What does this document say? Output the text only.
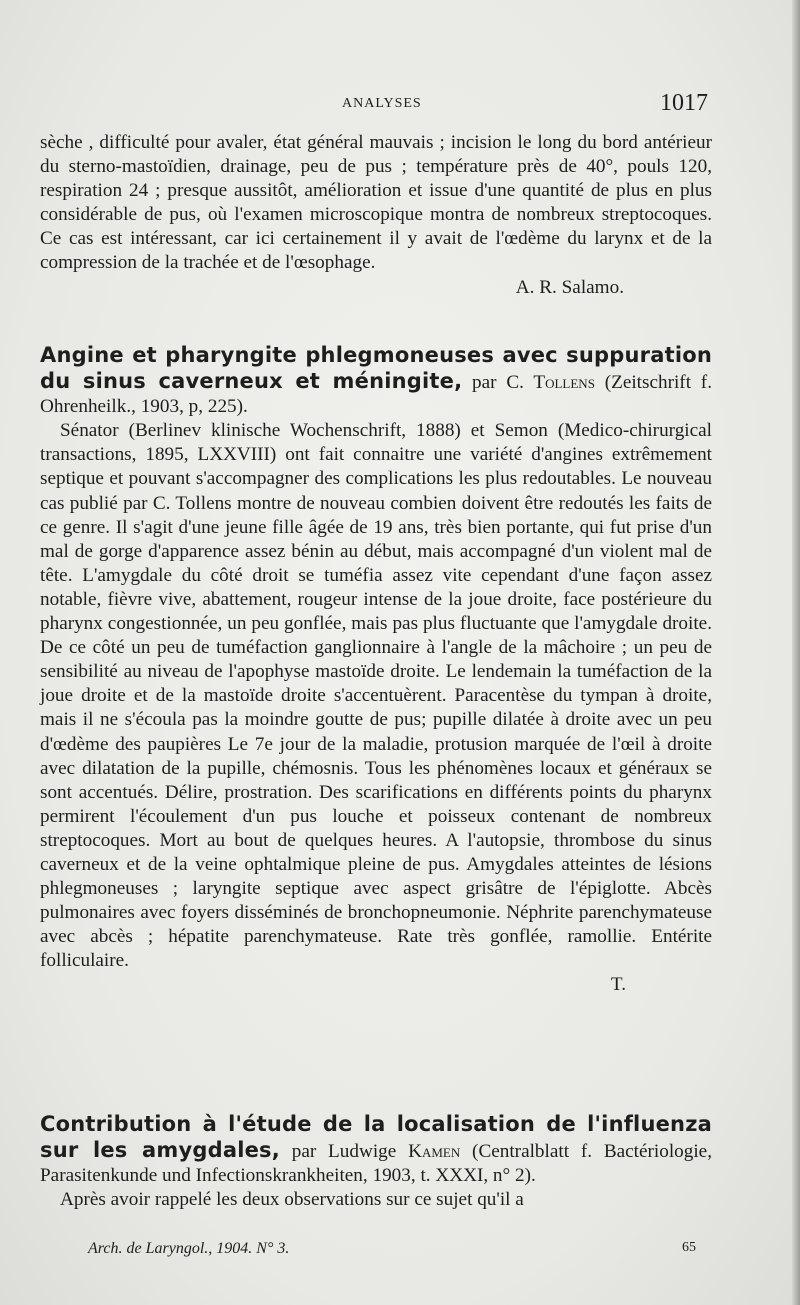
ANALYSES	1017

sèche , difficulté pour avaler, état général mauvais ; incision le long du bord antérieur du sterno-mastoïdien, drainage, peu de pus ; température près de 40°, pouls 120, respiration 24 ; presque aussitôt, amélioration et issue d'une quantité de plus en plus considérable de pus, où l'examen microscopique montra de nombreux streptocoques. Ce cas est intéressant, car ici certainement il y avait de l'œdème du larynx et de la compression de la trachée et de l'œsophage.

A. R. Salamo.

Angine et pharyngite phlegmoneuses avec suppuration du sinus caverneux et méningite, par C. Tollens (Zeitschrift f. Ohrenheilk., 1903, p, 225).

Sénator (Berlinev klinische Wochenschrift, 1888) et Semon (Medico-chirurgical transactions, 1895, LXXVIII) ont fait connaitre une variété d'angines extrêmement septique et pouvant s'accompagner des complications les plus redoutables. Le nouveau cas publié par C. Tollens montre de nouveau combien doivent être redoutés les faits de ce genre. Il s'agit d'une jeune fille âgée de 19 ans, très bien portante, qui fut prise d'un mal de gorge d'apparence assez bénin au début, mais accompagné d'un violent mal de tête. L'amygdale du côté droit se tuméfia assez vite cependant d'une façon assez notable, fièvre vive, abattement, rougeur intense de la joue droite, face postérieure du pharynx congestionnée, un peu gonflée, mais pas plus fluctuante que l'amygdale droite. De ce côté un peu de tuméfaction ganglionnaire à l'angle de la mâchoire ; un peu de sensibilité au niveau de l'apophyse mastoïde droite. Le lendemain la tuméfaction de la joue droite et de la mastoïde droite s'accentuèrent. Paracentèse du tympan à droite, mais il ne s'écoula pas la moindre goutte de pus; pupille dilatée à droite avec un peu d'œdème des paupières Le 7e jour de la maladie, protusion marquée de l'œil à droite avec dilatation de la pupille, chémosnis. Tous les phénomènes locaux et généraux se sont accentués. Délire, prostration. Des scarifications en différents points du pharynx permirent l'écoulement d'un pus louche et poisseux contenant de nombreux streptocoques. Mort au bout de quelques heures. A l'autopsie, thrombose du sinus caverneux et de la veine ophtalmique pleine de pus. Amygdales atteintes de lésions phlegmoneuses ; laryngite septique avec aspect grisâtre de l'épiglotte. Abcès pulmonaires avec foyers disséminés de bronchopneumonie. Néphrite parenchymateuse avec abcès ; hépatite parenchymateuse. Rate très gonflée, ramollie. Entérite folliculaire.

T.

Contribution à l'étude de la localisation de l'influenza sur les amygdales, par Ludwige Kamen (Centralblatt f. Bactériologie, Parasitenkunde und Infectionskrankheiten, 1903, t. XXXI, n° 2).

Après avoir rappelé les deux observations sur ce sujet qu'il a

Arch. de Laryngol., 1904. N° 3.	65
